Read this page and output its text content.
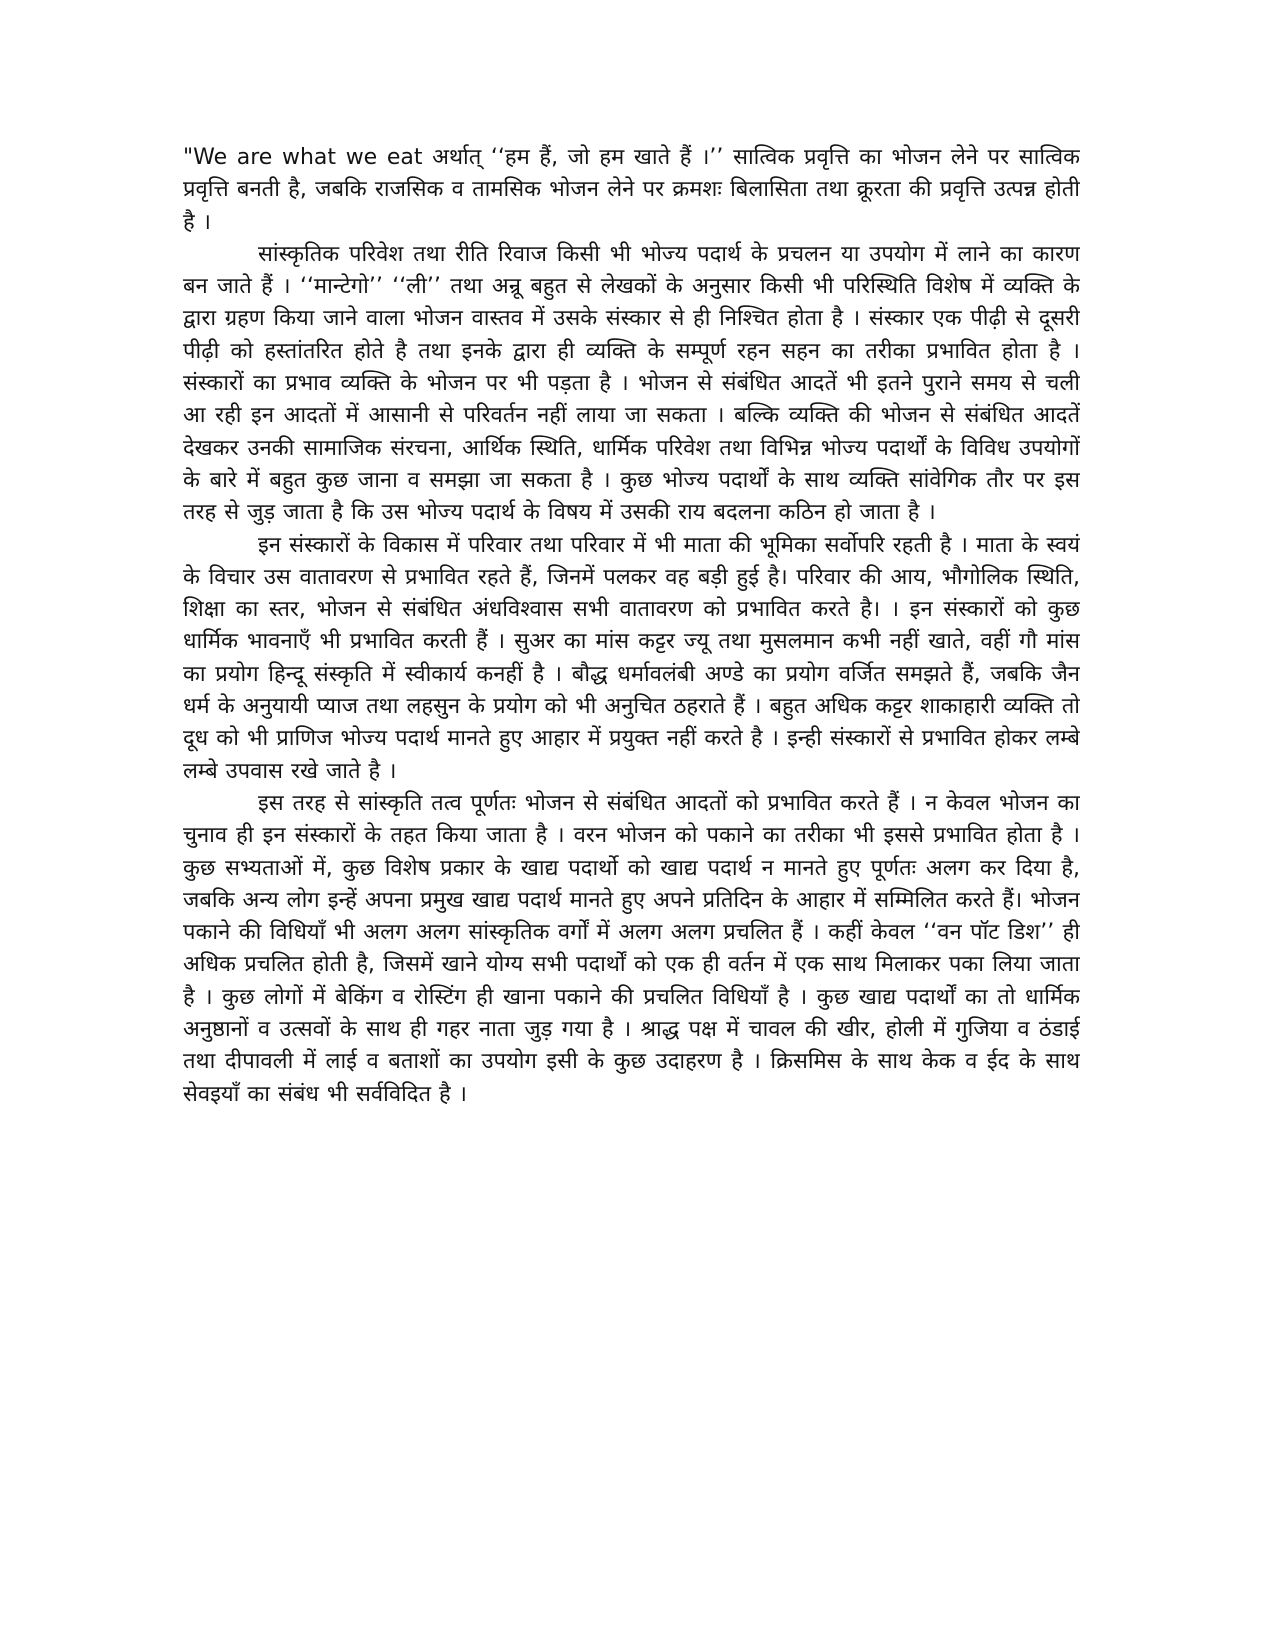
"We are what we eat अर्थात् ‘‘हम हैं, जो हम खाते हैं ।’’ सात्विक प्रवृत्ति का भोजन लेने पर सात्विक प्रवृत्ति बनती है, जबकि राजसिक व तामसिक भोजन लेने पर क्रमशः बिलासिता तथा क्रूरता की प्रवृत्ति उत्पन्न होती है ।

सांस्कृतिक परिवेश तथा रीति रिवाज किसी भी भोज्य पदार्थ के प्रचलन या उपयोग में लाने का कारण बन जाते हैं । ‘‘मान्टेगो’’ ‘‘ली’’ तथा अन्रू बहुत से लेखकों के अनुसार किसी भी परिस्थिति विशेष में व्यक्ति के द्वारा ग्रहण किया जाने वाला भोजन वास्तव में उसके संस्कार से ही निश्चित होता है । संस्कार एक पीढ़ी से दूसरी पीढ़ी को हस्तांतरित होते है तथा इनके द्वारा ही व्यक्ति के सम्पूर्ण रहन सहन का तरीका प्रभावित होता है । संस्कारों का प्रभाव व्यक्ति के भोजन पर भी पड़ता है । भोजन से संबंधित आदतें भी इतने पुराने समय से चली आ रही इन आदतों में आसानी से परिवर्तन नहीं लाया जा सकता । बल्कि व्यक्ति की भोजन से संबंधित आदतें देखकर उनकी सामाजिक संरचना, आर्थिक स्थिति, धार्मिक परिवेश तथा विभिन्न भोज्य पदार्थों के विविध उपयोगों के बारे में बहुत कुछ जाना व समझा जा सकता है । कुछ भोज्य पदार्थों के साथ व्यक्ति सांवेगिक तौर पर इस तरह से जुड़ जाता है कि उस भोज्य पदार्थ के विषय में उसकी राय बदलना कठिन हो जाता है ।

इन संस्कारों के विकास में परिवार तथा परिवार में भी माता की भूमिका सर्वोपरि रहती है । माता के स्वयं के विचार उस वातावरण से प्रभावित रहते हैं, जिनमें पलकर वह बड़ी हुई है। परिवार की आय, भौगोलिक स्थिति, शिक्षा का स्तर, भोजन से संबंधित अंधविश्वास सभी वातावरण को प्रभावित करते है। । इन संस्कारों को कुछ धार्मिक भावनाएँ भी प्रभावित करती हैं । सुअर का मांस कट्टर ज्यू तथा मुसलमान कभी नहीं खाते, वहीं गौ मांस का प्रयोग हिन्दू संस्कृति में स्वीकार्य कनहीं है । बौद्ध धर्मावलंबी अण्डे का प्रयोग वर्जित समझते हैं, जबकि जैन धर्म के अनुयायी प्याज तथा लहसुन के प्रयोग को भी अनुचित ठहराते हैं । बहुत अधिक कट्टर शाकाहारी व्यक्ति तो दूध को भी प्राणिज भोज्य पदार्थ मानते हुए आहार में प्रयुक्त नहीं करते है । इन्ही संस्कारों से प्रभावित होकर लम्बे लम्बे उपवास रखे जाते है ।

इस तरह से सांस्कृति तत्व पूर्णतः भोजन से संबंधित आदतों को प्रभावित करते हैं । न केवल भोजन का चुनाव ही इन संस्कारों के तहत किया जाता है । वरन भोजन को पकाने का तरीका भी इससे प्रभावित होता है । कुछ सभ्यताओं में, कुछ विशेष प्रकार के खाद्य पदार्थो को खाद्य पदार्थ न मानते हुए पूर्णतः अलग कर दिया है, जबकि अन्य लोग इन्हें अपना प्रमुख खाद्य पदार्थ मानते हुए अपने प्रतिदिन के आहार में सम्मिलित करते हैं। भोजन पकाने की विधियाँ भी अलग अलग सांस्कृतिक वर्गों में अलग अलग प्रचलित हैं । कहीं केवल ‘‘वन पॉट डिश’’ ही अधिक प्रचलित होती है, जिसमें खाने योग्य सभी पदार्थों को एक ही वर्तन में एक साथ मिलाकर पका लिया जाता है । कुछ लोगों में बेकिंग व रोस्टिंग ही खाना पकाने की प्रचलित विधियाँ है । कुछ खाद्य पदार्थों का तो धार्मिक अनुष्ठानों व उत्सवों के साथ ही गहर नाता जुड़ गया है । श्राद्ध पक्ष में चावल की खीर, होली में गुजिया व ठंडाई तथा दीपावली में लाई व बताशों का उपयोग इसी के कुछ उदाहरण है । क्रिसमिस के साथ केक व ईद के साथ सेवइयाँ का संबंध भी सर्वविदित है ।
